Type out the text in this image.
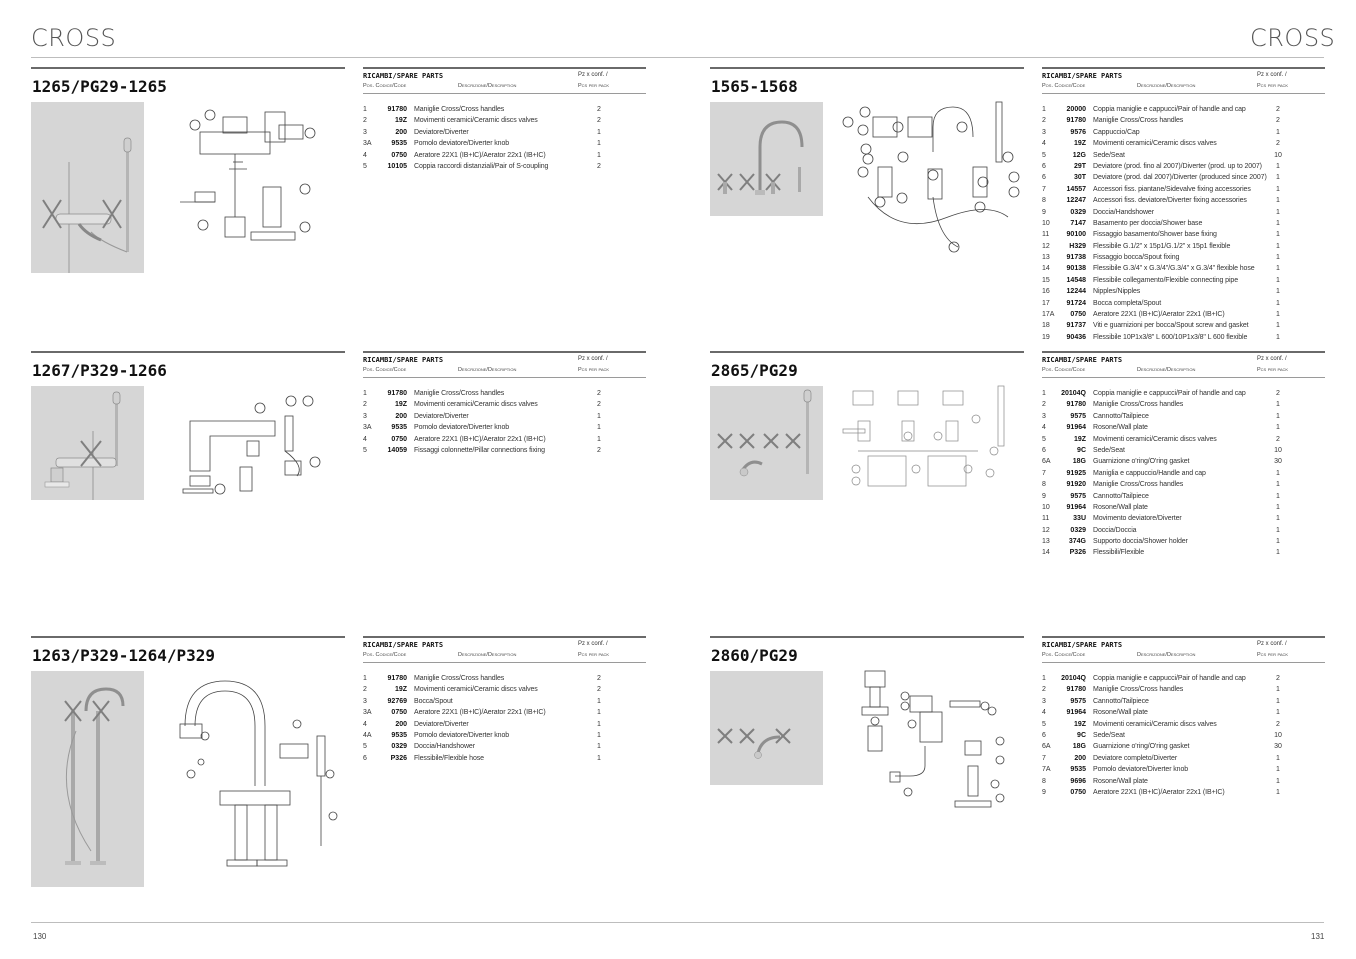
CROSS	CROSS
1265/PG29-1265
RICAMBI/SPARE PARTS	Pz x conf. /
Pos. Codice/Code	Descrizione/Description	Pcs per pack
1	91780 Maniglie Cross/Cross handles	2
2	19Z Movimenti ceramici/Ceramic discs valves	2
3	200 Deviatore/Diverter	1
3A	9535 Pomolo deviatore/Diverter knob	1
4	0750 Aeratore 22X1 (IB+IC)/Aerator 22x1 (IB+IC)	1
5	10105 Coppia raccordi distanziali/Pair of S-coupling	2
1267/P329-1266
RICAMBI/SPARE PARTS	Pz x conf. /
Pos. Codice/Code	Descrizione/Description	Pcs per pack
1	91780 Maniglie Cross/Cross handles	2
2	19Z Movimenti ceramici/Ceramic discs valves	2
3	200 Deviatore/Diverter	1
3A	9535 Pomolo deviatore/Diverter knob	1
4	0750 Aeratore 22X1 (IB+IC)/Aerator 22x1 (IB+IC)	1
5	14059 Fissaggi colonnette/Pillar connections fixing	2
1263/P329-1264/P329
RICAMBI/SPARE PARTS	Pz x conf. /
Pos. Codice/Code	Descrizione/Description	Pcs per pack
1	91780 Maniglie Cross/Cross handles	2
2	19Z Movimenti ceramici/Ceramic discs valves	2
3	92769 Bocca/Spout	1
3A	0750 Aeratore 22X1 (IB+IC)/Aerator 22x1 (IB+IC)	1
4	200 Deviatore/Diverter	1
4A	9535 Pomolo deviatore/Diverter knob	1
5	0329 Doccia/Handshower	1
6	P326 Flessibile/Flexible hose	1
1565-1568
RICAMBI/SPARE PARTS	Pz x conf. /
Pos. Codice/Code	Descrizione/Description	Pcs per pack
1	20000 Coppia maniglie e cappucci/Pair of handle and cap	2
2	91780 Maniglie Cross/Cross handles	2
3	9576 Cappuccio/Cap	1
4	19Z Movimenti ceramici/Ceramic discs valves	2
5	12G Sede/Seat	10
6	29T Deviatore (prod. fino al 2007)/Diverter (prod. up to 2007)	1
6	30T Deviatore (prod. dal 2007)/Diverter (produced since 2007)	1
7	14557 Accessori fiss. piantane/Sidevalve fixing accessories	1
8	12247 Accessori fiss. deviatore/Diverter fixing accessories	1
9	0329 Doccia/Handshower	1
10	7147 Basamento per doccia/Shower base	1
11	90100 Fissaggio basamento/Shower base fixing	1
12	H329 Flessibile G.1/2" x 15p1/G.1/2" x 15p1 flexible	1
13	91738 Fissaggio bocca/Spout fixing	1
14	90138 Flessibile G.3/4" x G.3/4"/G.3/4" x G.3/4" flexible hose	1
15	14548 Flessibile collegamento/Flexible connecting pipe	1
16	12244 Nipples/Nipples	1
17	91724 Bocca completa/Spout	1
17A	0750 Aeratore 22X1 (IB+IC)/Aerator 22x1 (IB+IC)	1
18	91737 Viti e guarnizioni per bocca/Spout screw and gasket	1
19	90436 Flessibile 10P1x3/8" L 600/10P1x3/8" L 600 flexible	1
2865/PG29
RICAMBI/SPARE PARTS	Pz x conf. /
Pos. Codice/Code	Descrizione/Description	Pcs per pack
1	20104Q Coppia maniglie e cappucci/Pair of handle and cap	2
2	91780 Maniglie Cross/Cross handles	1
3	9575 Cannotto/Tailpiece	1
4	91964 Rosone/Wall plate	1
5	19Z Movimenti ceramici/Ceramic discs valves	2
6	9C Sede/Seat	10
6A	18G Guarnizione o'ring/O'ring gasket	30
7	91925 Maniglia e cappuccio/Handle and cap	1
8	91920 Maniglie Cross/Cross handles	1
9	9575 Cannotto/Tailpiece	1
10	91964 Rosone/Wall plate	1
11	33U Movimento deviatore/Diverter	1
12	0329 Doccia/Doccia	1
13	374G Supporto doccia/Shower holder	1
14	P326 Flessibili/Flexible	1
2860/PG29
RICAMBI/SPARE PARTS	Pz x conf. /
Pos. Codice/Code	Descrizione/Description	Pcs per pack
1	20104Q Coppia maniglie e cappucci/Pair of handle and cap	2
2	91780 Maniglie Cross/Cross handles	1
3	9575 Cannotto/Tailpiece	1
4	91964 Rosone/Wall plate	1
5	19Z Movimenti ceramici/Ceramic discs valves	2
6	9C Sede/Seat	10
6A	18G Guarnizione o'ring/O'ring gasket	30
7	200 Deviatore completo/Diverter	1
7A	9535 Pomolo deviatore/Diverter knob	1
8	9696 Rosone/Wall plate	1
9	0750 Aeratore 22X1 (IB+IC)/Aerator 22x1 (IB+IC)	1
130	131
